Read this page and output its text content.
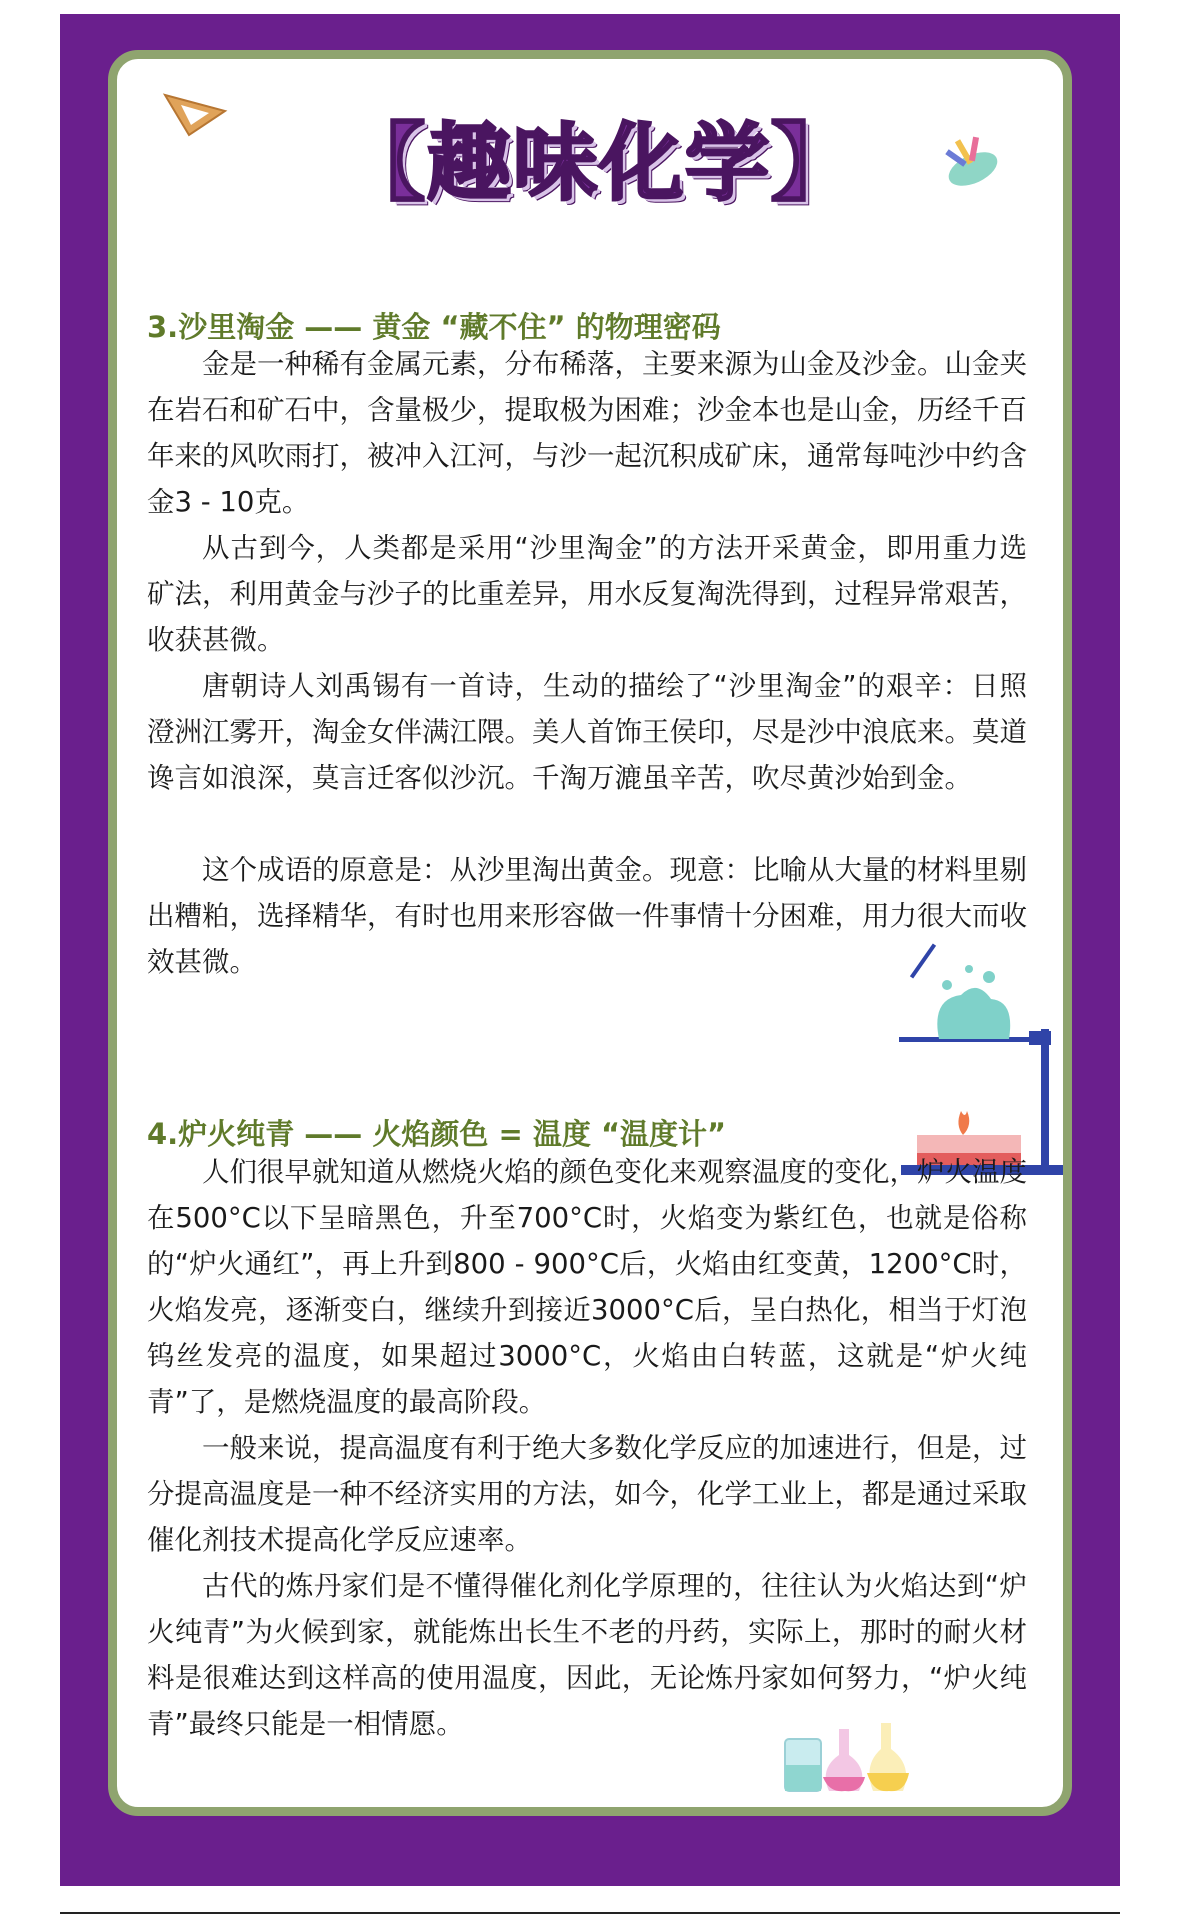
【趣味化学】
3.沙里淘金 —— 黄金 “藏不住” 的物理密码
金是一种稀有金属元素，分布稀落，主要来源为山金及沙金。山金夹在岩石和矿石中，含量极少，提取极为困难；沙金本也是山金，历经千百年来的风吹雨打，被冲入江河，与沙一起沉积成矿床，通常每吨沙中约含金3 - 10克。
从古到今，人类都是采用“沙里淘金”的方法开采黄金，即用重力选矿法，利用黄金与沙子的比重差异，用水反复淘洗得到，过程异常艰苦，收获甚微。
唐朝诗人刘禹锡有一首诗，生动的描绘了“沙里淘金”的艰辛：日照澄洲江雾开，淘金女伴满江隈。美人首饰王侯印，尽是沙中浪底来。莫道谗言如浪深，莫言迁客似沙沉。千淘万漉虽辛苦，吹尽黄沙始到金。
这个成语的原意是：从沙里淘出黄金。现意：比喻从大量的材料里剔出糟粕，选择精华，有时也用来形容做一件事情十分困难，用力很大而收效甚微。
4.炉火纯青 —— 火焰颜色 = 温度 “温度计”
人们很早就知道从燃烧火焰的颜色变化来观察温度的变化，炉火温度在500°C以下呈暗黑色，升至700°C时，火焰变为紫红色，也就是俗称的“炉火通红”，再上升到800 - 900°C后，火焰由红变黄，1200°C时，火焰发亮，逐渐变白，继续升到接近3000°C后，呈白热化，相当于灯泡钨丝发亮的温度，如果超过3000°C，火焰由白转蓝，这就是“炉火纯青”了，是燃烧温度的最高阶段。
一般来说，提高温度有利于绝大多数化学反应的加速进行，但是，过分提高温度是一种不经济实用的方法，如今，化学工业上，都是通过采取催化剂技术提高化学反应速率。
古代的炼丹家们是不懂得催化剂化学原理的，往往认为火焰达到“炉火纯青”为火候到家，就能炼出长生不老的丹药，实际上，那时的耐火材料是很难达到这样高的使用温度，因此，无论炼丹家如何努力，“炉火纯青”最终只能是一相情愿。
